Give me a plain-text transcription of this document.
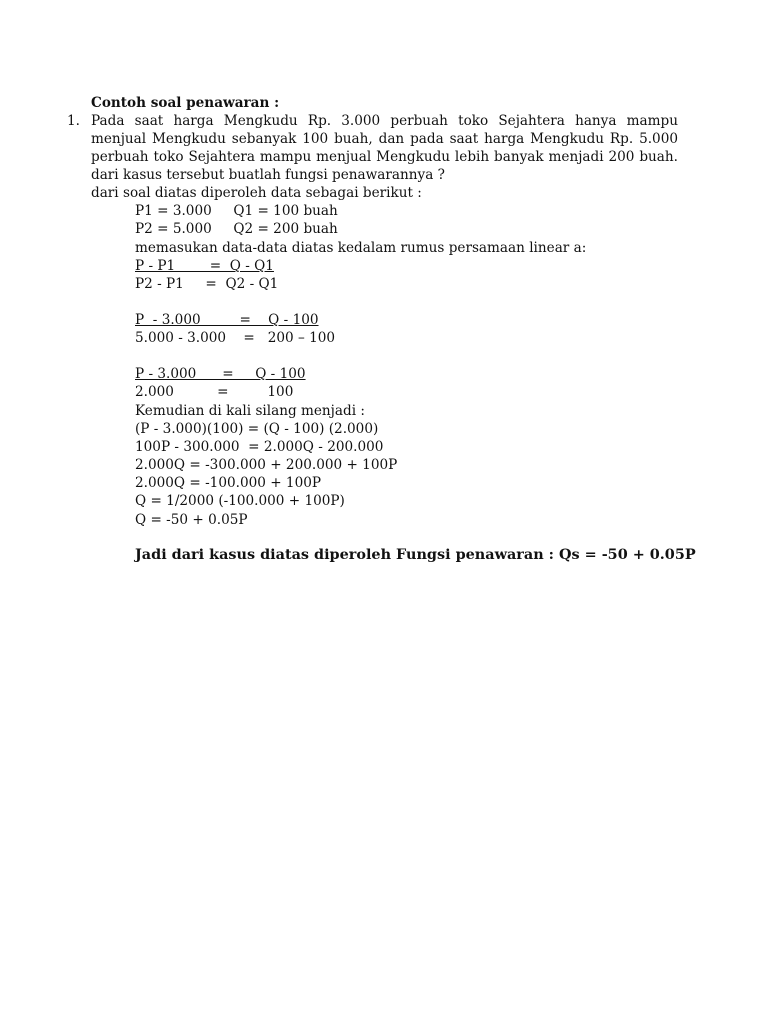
Contoh soal penawaran :
1. Pada saat harga Mengkudu Rp. 3.000 perbuah toko Sejahtera hanya mampu menjual Mengkudu sebanyak 100 buah, dan pada saat harga Mengkudu Rp. 5.000 perbuah toko Sejahtera mampu menjual Mengkudu lebih banyak menjadi 200 buah. dari kasus tersebut buatlah fungsi penawarannya ?
dari soal diatas diperoleh data sebagai berikut :
P1 = 3.000     Q1 = 100 buah
P2 = 5.000     Q2 = 200 buah
memasukan data-data diatas kedalam rumus persamaan linear a:
P - P1        =  Q - Q1
P2 - P1     =  Q2 - Q1
P  - 3.000         =    Q - 100
5.000 - 3.000    =   200 – 100
P - 3.000      =     Q - 100
2.000          =         100
Kemudian di kali silang menjadi :
(P - 3.000)(100) = (Q - 100) (2.000)
100P - 300.000  = 2.000Q - 200.000
2.000Q = -300.000 + 200.000 + 100P
2.000Q = -100.000 + 100P
Q = 1/2000 (-100.000 + 100P)
Q = -50 + 0.05P
Jadi dari kasus diatas diperoleh Fungsi penawaran : Qs = -50 + 0.05P
